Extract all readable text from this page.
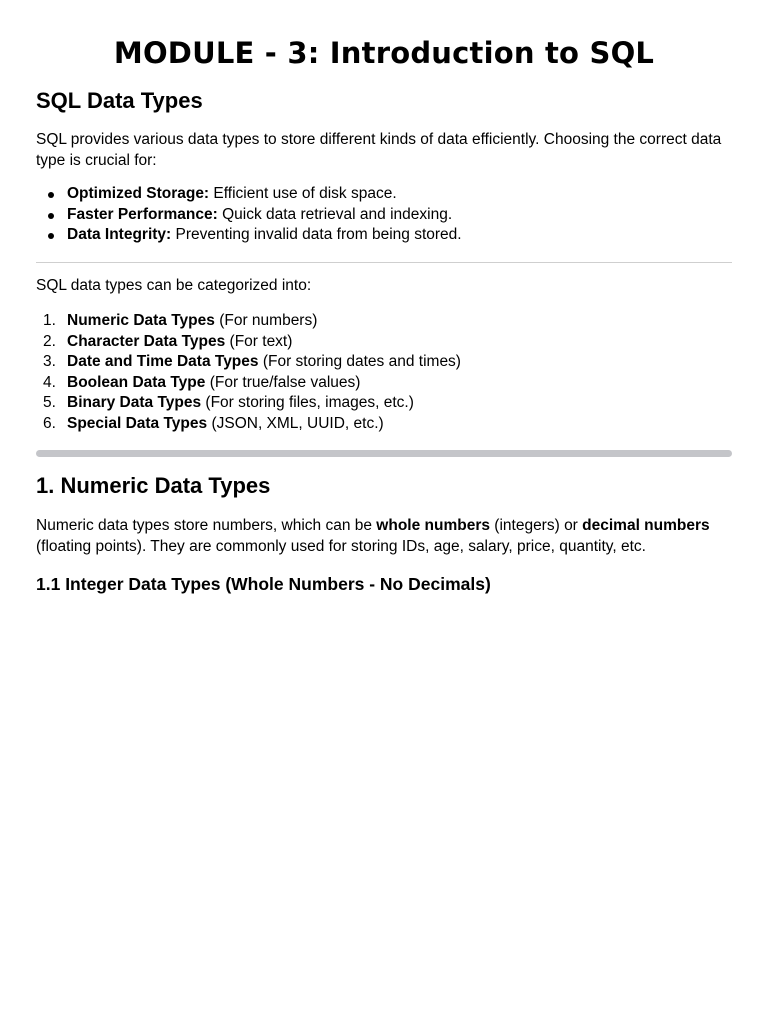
MODULE - 3: Introduction to SQL
SQL Data Types

SQL provides various data types to store different kinds of data efficiently. Choosing the correct data type is crucial for:

Optimized Storage: Efficient use of disk space.
Faster Performance: Quick data retrieval and indexing.
Data Integrity: Preventing invalid data from being stored.

SQL data types can be categorized into:

1. Numeric Data Types (For numbers)
2. Character Data Types (For text)
3. Date and Time Data Types (For storing dates and times)
4. Boolean Data Type (For true/false values)
5. Binary Data Types (For storing files, images, etc.)
6. Special Data Types (JSON, XML, UUID, etc.)
1. Numeric Data Types

Numeric data types store numbers, which can be whole numbers (integers) or decimal numbers (floating points). They are commonly used for storing IDs, age, salary, price, quantity, etc.

1.1 Integer Data Types (Whole Numbers - No Decimals)
